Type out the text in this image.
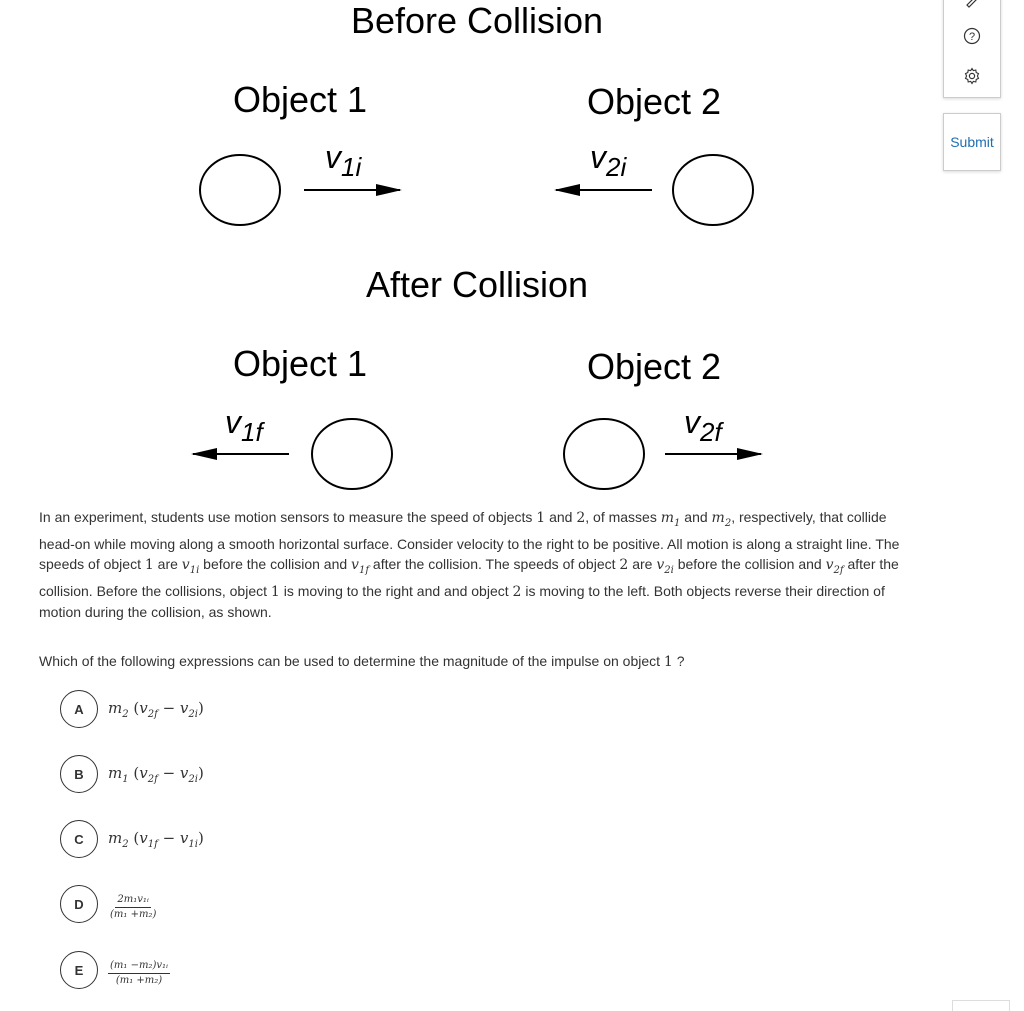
Before Collision
Object 1	Object 2
$v_{1i}$	$v_{2i}$
After Collision
Object 1	Object 2
$v_{1f}$	$v_{2f}$
In an experiment, students use motion sensors to measure the speed of objects 1 and 2, of masses $m_1$ and $m_2$, respectively, that collide head-on while moving along a smooth horizontal surface. Consider velocity to the right to be positive. All motion is along a straight line. The speeds of object 1 are $v_{1i}$ before the collision and $v_{1f}$ after the collision. The speeds of object 2 are $v_{2i}$ before the collision and $v_{2f}$ after the collision. Before the collisions, object 1 is moving to the right and and object 2 is moving to the left. Both objects reverse their direction of motion during the collision, as shown.
Which of the following expressions can be used to determine the magnitude of the impulse on object 1 ?
A	$m_2$ $(v_{2f} - v_{2i})$
B	$m_1$ $(v_{2f} - v_{2i})$
C	$m_2$ $(v_{1f} - v_{1i})$
D	$\frac{\text{2m₁v₁ᵢ}}{\text{(m₁ +m₂)}}$
E	$\frac{\text{(m₁ −m₂)v₁ᵢ}}{\text{(m₁ +m₂)}}$
?
Submit
